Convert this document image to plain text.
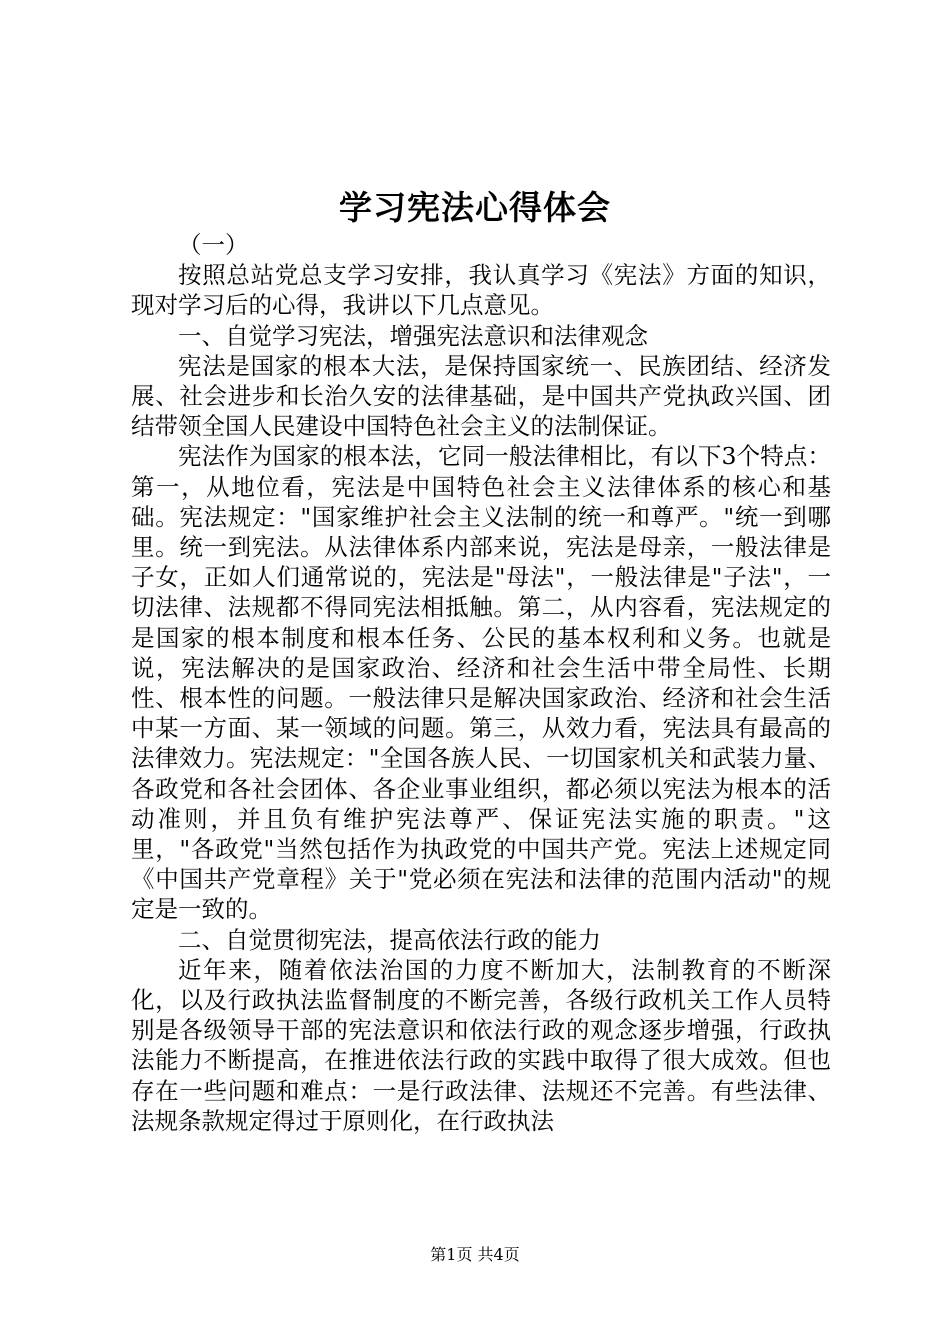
学习宪法心得体会

（一）

按照总站党总支学习安排，我认真学习《宪法》方面的知识，现对学习后的心得，我讲以下几点意见。

一、自觉学习宪法，增强宪法意识和法律观念

宪法是国家的根本大法，是保持国家统一、民族团结、经济发展、社会进步和长治久安的法律基础，是中国共产党执政兴国、团结带领全国人民建设中国特色社会主义的法制保证。

宪法作为国家的根本法，它同一般法律相比，有以下3个特点：第一，从地位看，宪法是中国特色社会主义法律体系的核心和基础。宪法规定："国家维护社会主义法制的统一和尊严。"统一到哪里。统一到宪法。从法律体系内部来说，宪法是母亲，一般法律是子女，正如人们通常说的，宪法是"母法"，一般法律是"子法"，一切法律、法规都不得同宪法相抵触。第二，从内容看，宪法规定的是国家的根本制度和根本任务、公民的基本权利和义务。也就是说，宪法解决的是国家政治、经济和社会生活中带全局性、长期性、根本性的问题。一般法律只是解决国家政治、经济和社会生活中某一方面、某一领域的问题。第三，从效力看，宪法具有最高的法律效力。宪法规定："全国各族人民、一切国家机关和武装力量、各政党和各社会团体、各企业事业组织，都必须以宪法为根本的活动准则，并且负有维护宪法尊严、保证宪法实施的职责。"这里，"各政党"当然包括作为执政党的中国共产党。宪法上述规定同《中国共产党章程》关于"党必须在宪法和法律的范围内活动"的规定是一致的。

二、自觉贯彻宪法，提高依法行政的能力

近年来，随着依法治国的力度不断加大，法制教育的不断深化，以及行政执法监督制度的不断完善，各级行政机关工作人员特别是各级领导干部的宪法意识和依法行政的观念逐步增强，行政执法能力不断提高，在推进依法行政的实践中取得了很大成效。但也存在一些问题和难点：一是行政法律、法规还不完善。有些法律、法规条款规定得过于原则化，在行政执法

第1页 共4页
